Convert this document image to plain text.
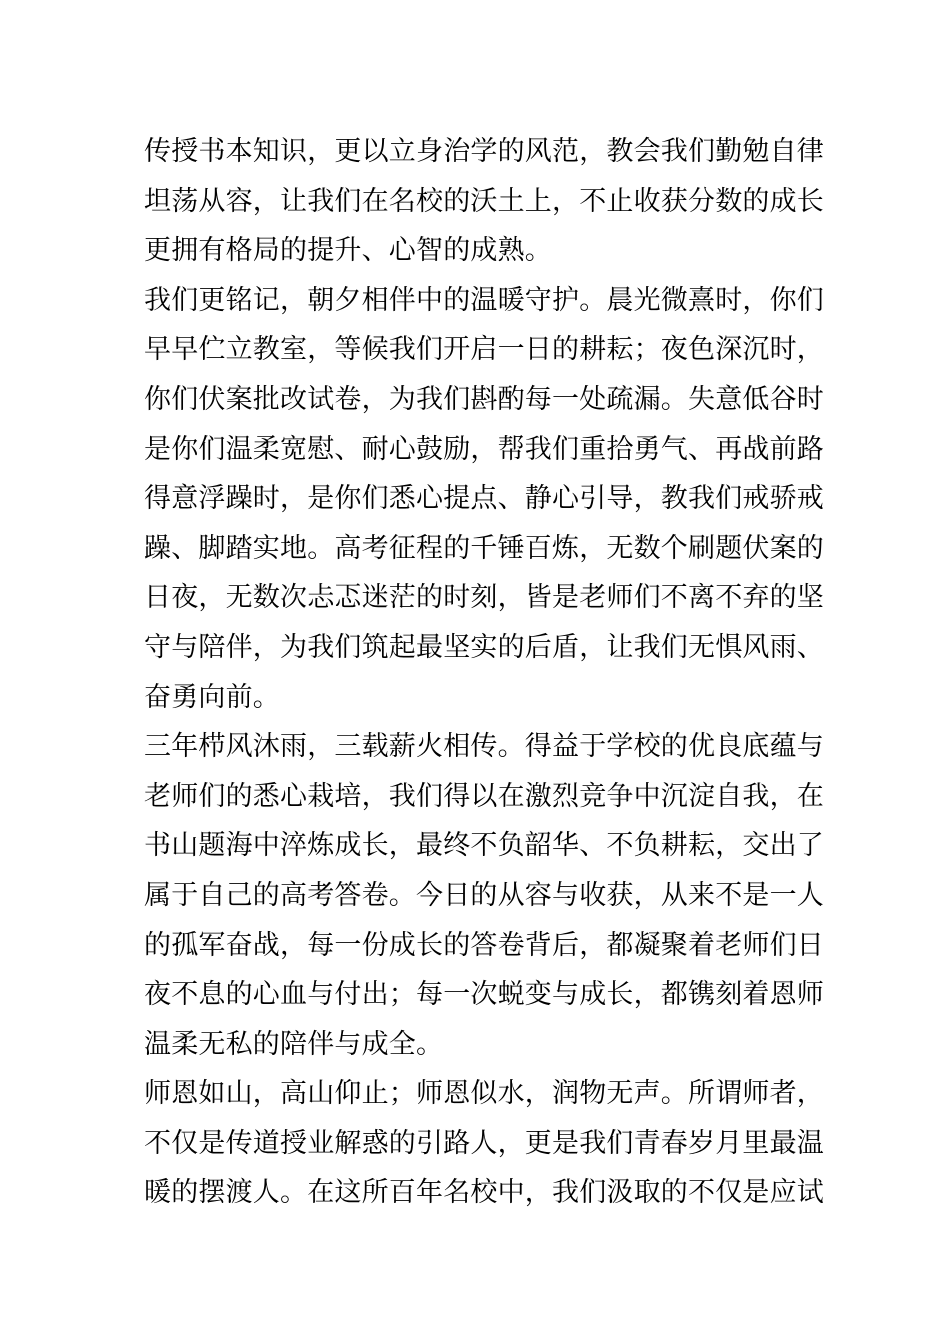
传授书本知识，更以立身治学的风范，教会我们勤勉自律
坦荡从容，让我们在名校的沃土上，不止收获分数的成长
更拥有格局的提升、心智的成熟。
我们更铭记，朝夕相伴中的温暖守护。晨光微熹时，你们
早早伫立教室，等候我们开启一日的耕耘；夜色深沉时，
你们伏案批改试卷，为我们斟酌每一处疏漏。失意低谷时
是你们温柔宽慰、耐心鼓励，帮我们重拾勇气、再战前路
得意浮躁时，是你们悉心提点、静心引导，教我们戒骄戒
躁、脚踏实地。高考征程的千锤百炼，无数个刷题伏案的
日夜，无数次忐忑迷茫的时刻，皆是老师们不离不弃的坚
守与陪伴，为我们筑起最坚实的后盾，让我们无惧风雨、
奋勇向前。
三年栉风沐雨，三载薪火相传。得益于学校的优良底蕴与
老师们的悉心栽培，我们得以在激烈竞争中沉淀自我，在
书山题海中淬炼成长，最终不负韶华、不负耕耘，交出了
属于自己的高考答卷。今日的从容与收获，从来不是一人
的孤军奋战，每一份成长的答卷背后，都凝聚着老师们日
夜不息的心血与付出；每一次蜕变与成长，都镌刻着恩师
温柔无私的陪伴与成全。
师恩如山，高山仰止；师恩似水，润物无声。所谓师者，
不仅是传道授业解惑的引路人，更是我们青春岁月里最温
暖的摆渡人。在这所百年名校中，我们汲取的不仅是应试
